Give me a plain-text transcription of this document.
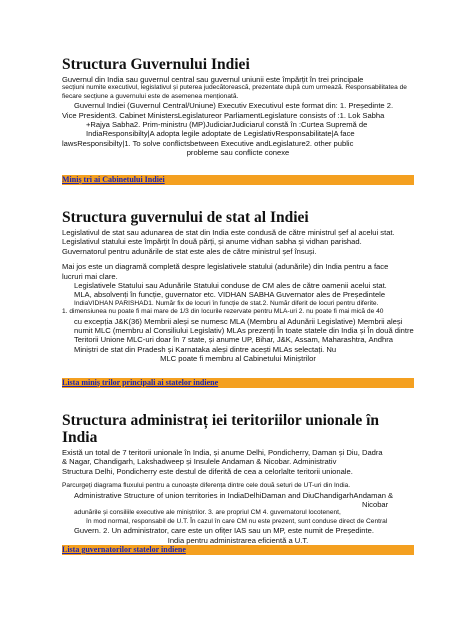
Structura Guvernului Indiei

Guvernul din India sau guvernul central sau guvernul uniunii este împărțit în trei principale

secțiuni numite executivul, legislativul și puterea judecătorească, prezentate după cum urmează. Responsabilitatea de

fiecare secțiune a guvernului este de asemenea menționată.

Guvernul Indiei (Guvernul Central/Uniune) Executiv Executivul este format din: 1. Președinte 2.

Vice President3. Cabinet MinistersLegislatureor ParliamentLegislature consists of :1. Lok Sabha

+Rajya Sabha2. Prim-ministru (MP)JudiciarJudiciarul constă în :Curtea Supremă de

IndiaResponsibilty|A adopta legile adoptate de LegislativResponsabilitate|A face

lawsResponsibilty|1. To solve conflictsbetween Executive andLegislature2. other public

probleme sau conflicte conexe

Miniș tri ai Cabinetului Indiei
Structura guvernului de stat al Indiei

Legislativul de stat sau adunarea de stat din India este condusă de către ministrul șef al acelui stat.

Legislativul statului este împărțit în două părți, și anume vidhan sabha și vidhan parishad.

Guvernatorul pentru adunările de stat este ales de către ministrul șef însuși.

Mai jos este un diagramă completă despre legislativele statului (adunările) din India pentru a face

lucruri mai clare.

Legislativele Statului sau Adunările Statului conduse de CM ales de către oamenii acelui stat.

MLA, absolvenți în funcție, guvernator etc. VIDHAN SABHA Guvernator ales de Președintele

IndiaVIDHAN PARISHAD1. Număr fix de locuri în funcție de stat.2. Număr diferit de locuri pentru diferite.

1. dimensiunea nu poate fi mai mare de 1/3 din locurile rezervate pentru MLA-uri 2. nu poate fi mai mică de 40

cu excepția J&K(36) Membrii aleși se numesc MLA (Membru al Adunării Legislative) Membrii aleși

numit MLC (membru al Consiliului Legislativ) MLAs prezenți În toate statele din India și În două dintre

Teritorii Unione MLC-uri doar în 7 state, și anume UP, Bihar, J&K, Assam, Maharashtra, Andhra

Miniștri de stat din Pradesh și Karnataka aleși dintre acești MLAs selectați. Nu

MLC poate fi membru al Cabinetului Miniștrilor

Lista miniș trilor principali ai statelor indiene
Structura administraț iei teritoriilor unionale în India

Există un total de 7 teritorii unionale în India, și anume Delhi, Pondicherry, Daman și Diu, Dadra

& Nagar, Chandigarh, Lakshadweep și Insulele Andaman & Nicobar. Administrativ

Structura Delhi, Pondicherry este destul de diferită de cea a celorlalte teritorii unionale.

Parcurgeți diagrama fluxului pentru a cunoaște diferența dintre cele două seturi de UT-uri din India.

Administrative Structure of union territories in IndiaDelhiDaman and DiuChandigarhAndaman &

Nicobar

adunările și consiliile executive ale miniștrilor. 3. are propriul CM 4. guvernatorul locotenent,

în mod normal, responsabil de U.T. În cazul în care CM nu este prezent, sunt conduse direct de Central

Guvern. 2. Un administrator, care este un ofițer IAS sau un MP, este numit de Președinte.

India pentru administrarea eficientă a U.T.

Lista guvernatorilor statelor indiene
